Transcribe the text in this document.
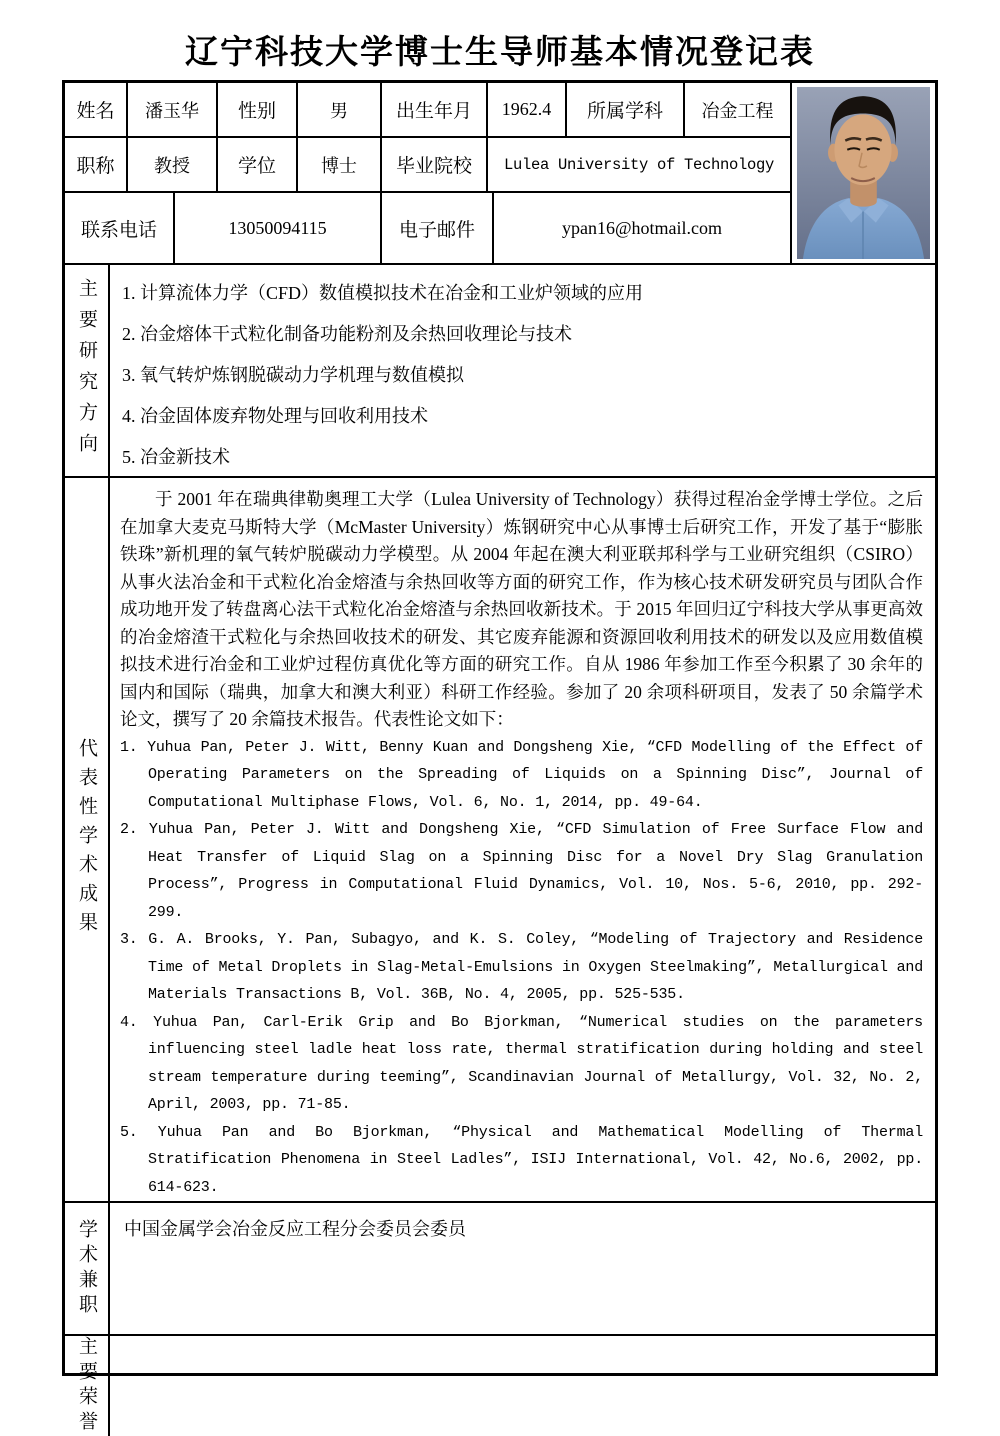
辽宁科技大学博士生导师基本情况登记表
姓名	潘玉华	性别	男	出生年月	1962.4	所属学科	冶金工程
职称	教授	学位	博士	毕业院校	Lulea University of Technology
联系电话	13050094115	电子邮件	ypan16@hotmail.com
主要研究方向 1. 计算流体力学（CFD）数值模拟技术在冶金和工业炉领域的应用
2. 冶金熔体干式粒化制备功能粉剂及余热回收理论与技术
3. 氧气转炉炼钢脱碳动力学机理与数值模拟
4. 冶金固体废弃物处理与回收利用技术
5. 冶金新技术
代表性学术成果

于 2001 年在瑞典律勒奥理工大学（Lulea University of Technology）获得过程冶金学博士学位。之后在加拿大麦克马斯特大学（McMaster University）炼钢研究中心从事博士后研究工作，开发了基于“膨胀铁珠”新机理的氧气转炉脱碳动力学模型。从 2004 年起在澳大利亚联邦科学与工业研究组织（CSIRO）从事火法冶金和干式粒化冶金熔渣与余热回收等方面的研究工作，作为核心技术研发研究员与团队合作成功地开发了转盘离心法干式粒化冶金熔渣与余热回收新技术。于 2015 年回归辽宁科技大学从事更高效的冶金熔渣干式粒化与余热回收技术的研发、其它废弃能源和资源回收利用技术的研发以及应用数值模拟技术进行冶金和工业炉过程仿真优化等方面的研究工作。自从 1986 年参加工作至今积累了 30 余年的国内和国际（瑞典，加拿大和澳大利亚）科研工作经验。参加了 20 余项科研项目，发表了 50 余篇学术论文，撰写了 20 余篇技术报告。代表性论文如下：

1. Yuhua Pan, Peter J. Witt, Benny Kuan and Dongsheng Xie, “CFD Modelling of the Effect of Operating Parameters on the Spreading of Liquids on a Spinning Disc”, Journal of Computational Multiphase Flows, Vol. 6, No. 1, 2014, pp. 49-64.
2. Yuhua Pan, Peter J. Witt and Dongsheng Xie, “CFD Simulation of Free Surface Flow and Heat Transfer of Liquid Slag on a Spinning Disc for a Novel Dry Slag Granulation Process”, Progress in Computational Fluid Dynamics, Vol. 10, Nos. 5-6, 2010, pp. 292-299.
3. G. A. Brooks, Y. Pan, Subagyo, and K. S. Coley, “Modeling of Trajectory and Residence Time of Metal Droplets in Slag-Metal-Emulsions in Oxygen Steelmaking”, Metallurgical and Materials Transactions B, Vol. 36B, No. 4, 2005, pp. 525-535.
4. Yuhua Pan, Carl-Erik Grip and Bo Bjorkman, “Numerical studies on the parameters influencing steel ladle heat loss rate, thermal stratification during holding and steel stream temperature during teeming”, Scandinavian Journal of Metallurgy, Vol. 32, No. 2, April, 2003, pp. 71-85.
5. Yuhua Pan and Bo Bjorkman, “Physical and Mathematical Modelling of Thermal Stratification Phenomena in Steel Ladles”, ISIJ International, Vol. 42, No.6, 2002, pp. 614-623.
学术兼职 中国金属学会冶金反应工程分会委员会委员
主要荣誉
